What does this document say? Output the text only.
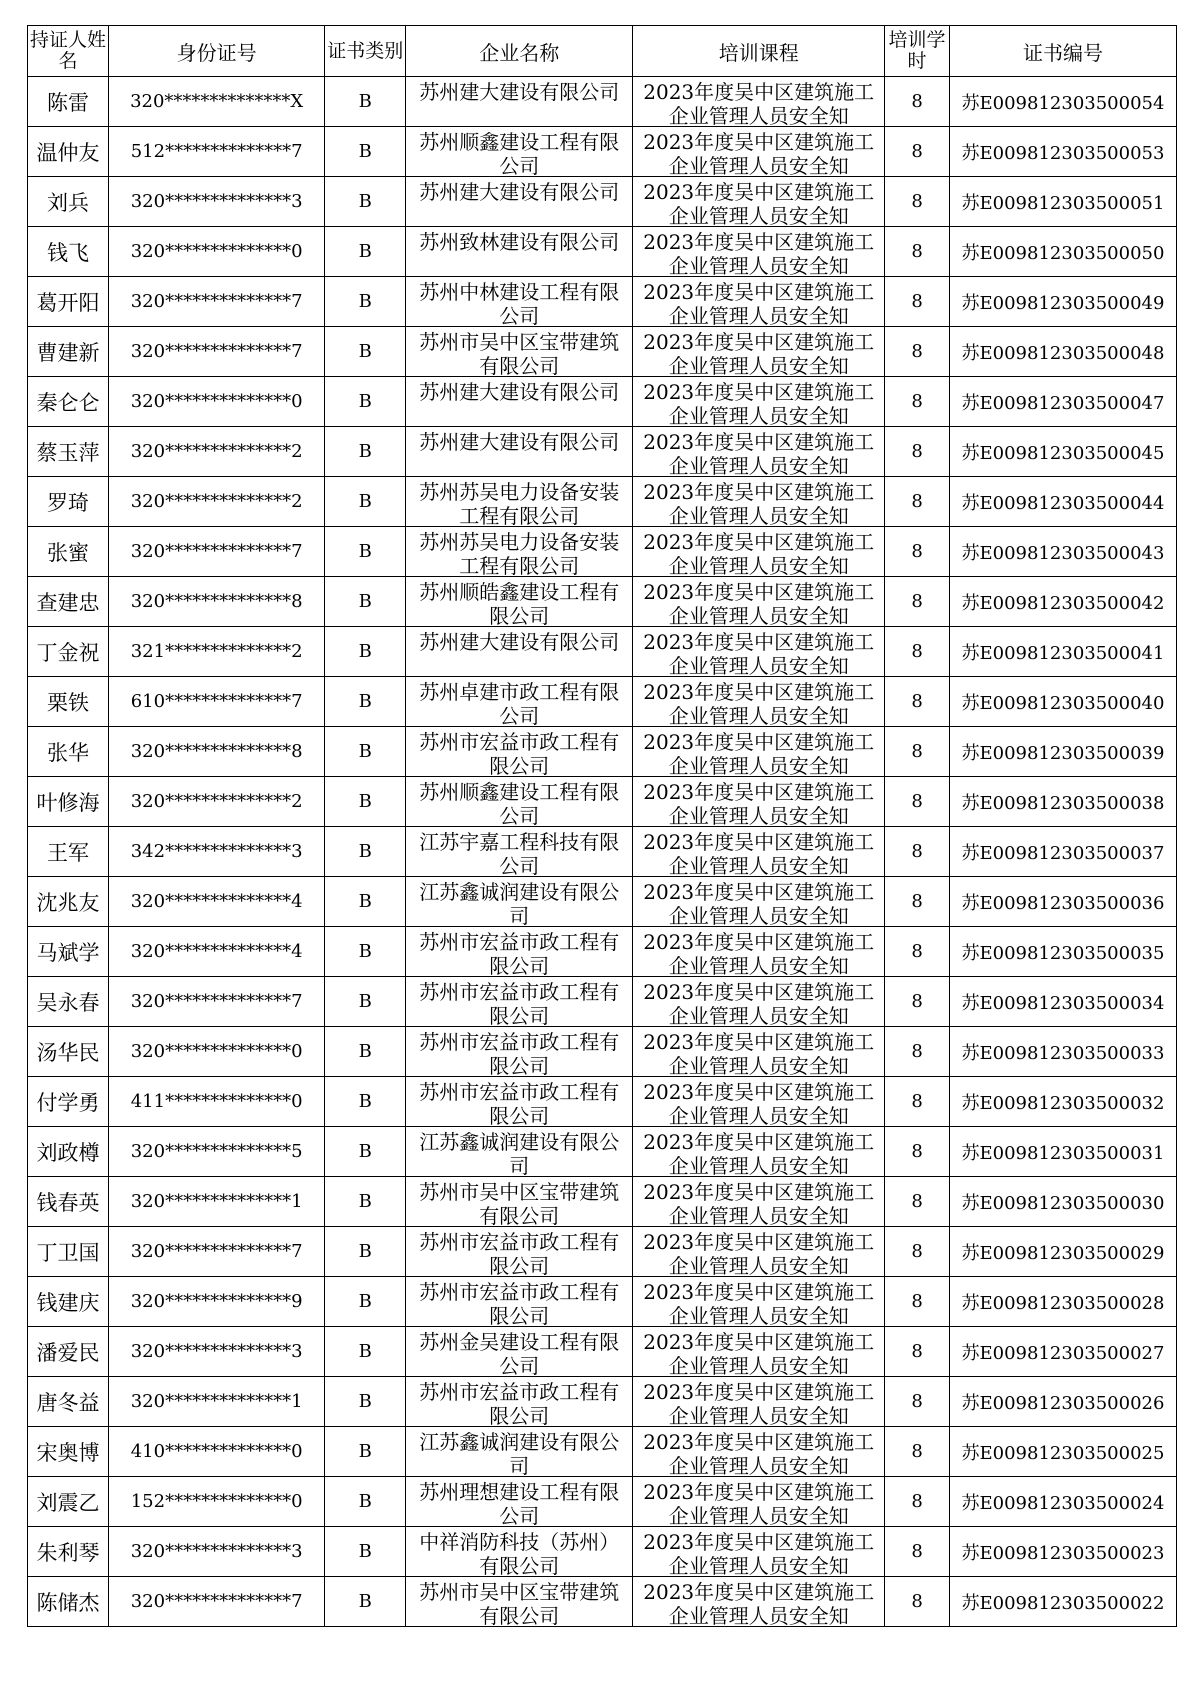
持证人姓名	身份证号	证书类别	企业名称	培训课程	培训学时	证书编号
陈雷	320**************X	B	苏州建大建设有限公司	2023年度吴中区建筑施工企业管理人员安全知	8	苏E009812303500054
温仲友	512**************7	B	苏州顺鑫建设工程有限公司	2023年度吴中区建筑施工企业管理人员安全知	8	苏E009812303500053
刘兵	320**************3	B	苏州建大建设有限公司	2023年度吴中区建筑施工企业管理人员安全知	8	苏E009812303500051
钱飞	320**************0	B	苏州致林建设有限公司	2023年度吴中区建筑施工企业管理人员安全知	8	苏E009812303500050
葛开阳	320**************7	B	苏州中林建设工程有限公司	2023年度吴中区建筑施工企业管理人员安全知	8	苏E009812303500049
曹建新	320**************7	B	苏州市吴中区宝带建筑有限公司	2023年度吴中区建筑施工企业管理人员安全知	8	苏E009812303500048
秦仑仑	320**************0	B	苏州建大建设有限公司	2023年度吴中区建筑施工企业管理人员安全知	8	苏E009812303500047
蔡玉萍	320**************2	B	苏州建大建设有限公司	2023年度吴中区建筑施工企业管理人员安全知	8	苏E009812303500045
罗琦	320**************2	B	苏州苏吴电力设备安装工程有限公司	2023年度吴中区建筑施工企业管理人员安全知	8	苏E009812303500044
张蜜	320**************7	B	苏州苏吴电力设备安装工程有限公司	2023年度吴中区建筑施工企业管理人员安全知	8	苏E009812303500043
查建忠	320**************8	B	苏州顺皓鑫建设工程有限公司	2023年度吴中区建筑施工企业管理人员安全知	8	苏E009812303500042
丁金祝	321**************2	B	苏州建大建设有限公司	2023年度吴中区建筑施工企业管理人员安全知	8	苏E009812303500041
栗铁	610**************7	B	苏州卓建市政工程有限公司	2023年度吴中区建筑施工企业管理人员安全知	8	苏E009812303500040
张华	320**************8	B	苏州市宏益市政工程有限公司	2023年度吴中区建筑施工企业管理人员安全知	8	苏E009812303500039
叶修海	320**************2	B	苏州顺鑫建设工程有限公司	2023年度吴中区建筑施工企业管理人员安全知	8	苏E009812303500038
王军	342**************3	B	江苏宇嘉工程科技有限公司	2023年度吴中区建筑施工企业管理人员安全知	8	苏E009812303500037
沈兆友	320**************4	B	江苏鑫诚润建设有限公司	2023年度吴中区建筑施工企业管理人员安全知	8	苏E009812303500036
马斌学	320**************4	B	苏州市宏益市政工程有限公司	2023年度吴中区建筑施工企业管理人员安全知	8	苏E009812303500035
吴永春	320**************7	B	苏州市宏益市政工程有限公司	2023年度吴中区建筑施工企业管理人员安全知	8	苏E009812303500034
汤华民	320**************0	B	苏州市宏益市政工程有限公司	2023年度吴中区建筑施工企业管理人员安全知	8	苏E009812303500033
付学勇	411**************0	B	苏州市宏益市政工程有限公司	2023年度吴中区建筑施工企业管理人员安全知	8	苏E009812303500032
刘政樽	320**************5	B	江苏鑫诚润建设有限公司	2023年度吴中区建筑施工企业管理人员安全知	8	苏E009812303500031
钱春英	320**************1	B	苏州市吴中区宝带建筑有限公司	2023年度吴中区建筑施工企业管理人员安全知	8	苏E009812303500030
丁卫国	320**************7	B	苏州市宏益市政工程有限公司	2023年度吴中区建筑施工企业管理人员安全知	8	苏E009812303500029
钱建庆	320**************9	B	苏州市宏益市政工程有限公司	2023年度吴中区建筑施工企业管理人员安全知	8	苏E009812303500028
潘爱民	320**************3	B	苏州金吴建设工程有限公司	2023年度吴中区建筑施工企业管理人员安全知	8	苏E009812303500027
唐冬益	320**************1	B	苏州市宏益市政工程有限公司	2023年度吴中区建筑施工企业管理人员安全知	8	苏E009812303500026
宋奥博	410**************0	B	江苏鑫诚润建设有限公司	2023年度吴中区建筑施工企业管理人员安全知	8	苏E009812303500025
刘震乙	152**************0	B	苏州理想建设工程有限公司	2023年度吴中区建筑施工企业管理人员安全知	8	苏E009812303500024
朱利琴	320**************3	B	中祥消防科技（苏州）有限公司	2023年度吴中区建筑施工企业管理人员安全知	8	苏E009812303500023
陈储杰	320**************7	B	苏州市吴中区宝带建筑有限公司	2023年度吴中区建筑施工企业管理人员安全知	8	苏E009812303500022
